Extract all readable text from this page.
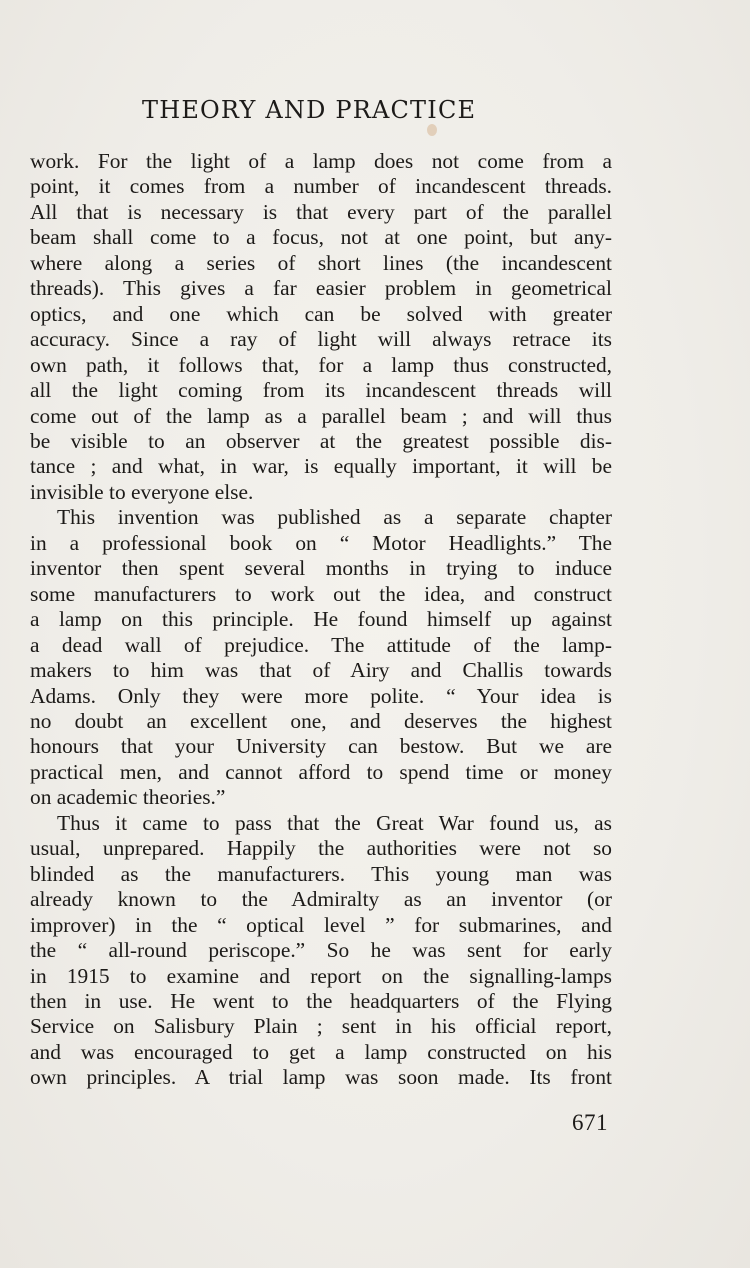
THEORY AND PRACTICE
work. For the light of a lamp does not come from a
point, it comes from a number of incandescent threads.
All that is necessary is that every part of the parallel
beam shall come to a focus, not at one point, but any-
where along a series of short lines (the incandescent
threads). This gives a far easier problem in geometrical
optics, and one which can be solved with greater
accuracy. Since a ray of light will always retrace its
own path, it follows that, for a lamp thus constructed,
all the light coming from its incandescent threads will
come out of the lamp as a parallel beam ; and will thus
be visible to an observer at the greatest possible dis-
tance ; and what, in war, is equally important, it will be
invisible to everyone else.
This invention was published as a separate chapter
in a professional book on “ Motor Headlights.” The
inventor then spent several months in trying to induce
some manufacturers to work out the idea, and construct
a lamp on this principle. He found himself up against
a dead wall of prejudice. The attitude of the lamp-
makers to him was that of Airy and Challis towards
Adams. Only they were more polite. “ Your idea is
no doubt an excellent one, and deserves the highest
honours that your University can bestow. But we are
practical men, and cannot afford to spend time or money
on academic theories.”
Thus it came to pass that the Great War found us, as
usual, unprepared. Happily the authorities were not so
blinded as the manufacturers. This young man was
already known to the Admiralty as an inventor (or
improver) in the “ optical level ” for submarines, and
the “ all-round periscope.” So he was sent for early
in 1915 to examine and report on the signalling-lamps
then in use. He went to the headquarters of the Flying
Service on Salisbury Plain ; sent in his official report,
and was encouraged to get a lamp constructed on his
own principles. A trial lamp was soon made. Its front
671
